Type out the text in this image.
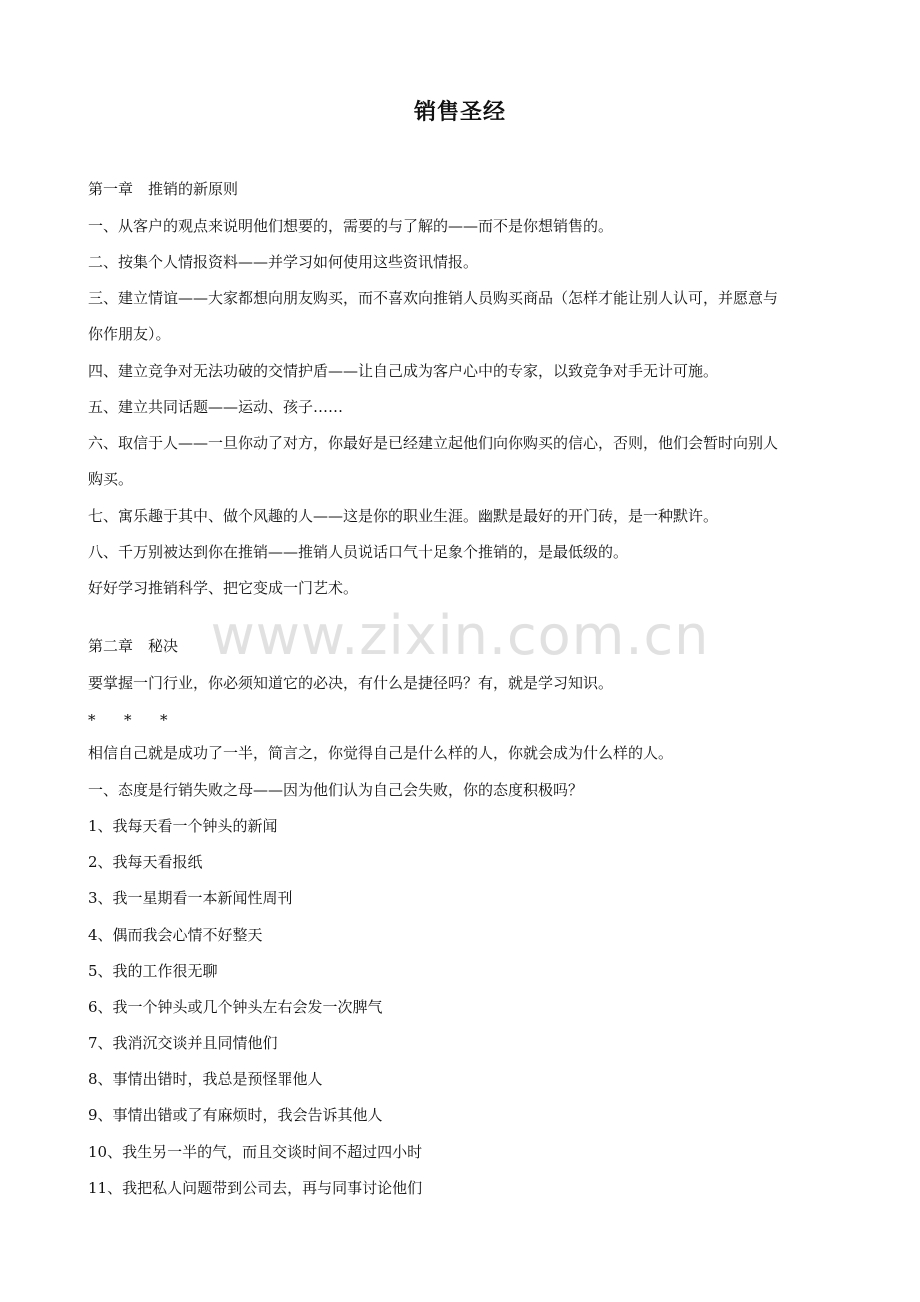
销售圣经
www.zixin.com.cn
第一章　推销的新原则
一、从客户的观点来说明他们想要的，需要的与了解的——而不是你想销售的。
二、按集个人情报资料——并学习如何使用这些资讯情报。
三、建立情谊——大家都想向朋友购买，而不喜欢向推销人员购买商品（怎样才能让别人认可，并愿意与
你作朋友）。
四、建立竞争对无法功破的交情护盾——让自己成为客户心中的专家，以致竞争对手无计可施。
五、建立共同话题——运动、孩子……
六、取信于人——一旦你动了对方，你最好是已经建立起他们向你购买的信心，否则，他们会暂时向别人
购买。
七、寓乐趣于其中、做个风趣的人——这是你的职业生涯。幽默是最好的开门砖，是一种默许。
八、千万别被达到你在推销——推销人员说话口气十足象个推销的，是最低级的。
好好学习推销科学、把它变成一门艺术。
第二章　秘决
要掌握一门行业，你必须知道它的必决，有什么是捷径吗？有，就是学习知识。
* * *
相信自己就是成功了一半，简言之，你觉得自己是什么样的人，你就会成为什么样的人。
一、态度是行销失败之母——因为他们认为自己会失败，你的态度积极吗？
1、我每天看一个钟头的新闻
2、我每天看报纸
3、我一星期看一本新闻性周刊
4、偶而我会心情不好整天
5、我的工作很无聊
6、我一个钟头或几个钟头左右会发一次脾气
7、我消沉交谈并且同情他们
8、事情出错时，我总是预怪罪他人
9、事情出错或了有麻烦时，我会告诉其他人
10、我生另一半的气，而且交谈时间不超过四小时
11、我把私人问题带到公司去，再与同事讨论他们
